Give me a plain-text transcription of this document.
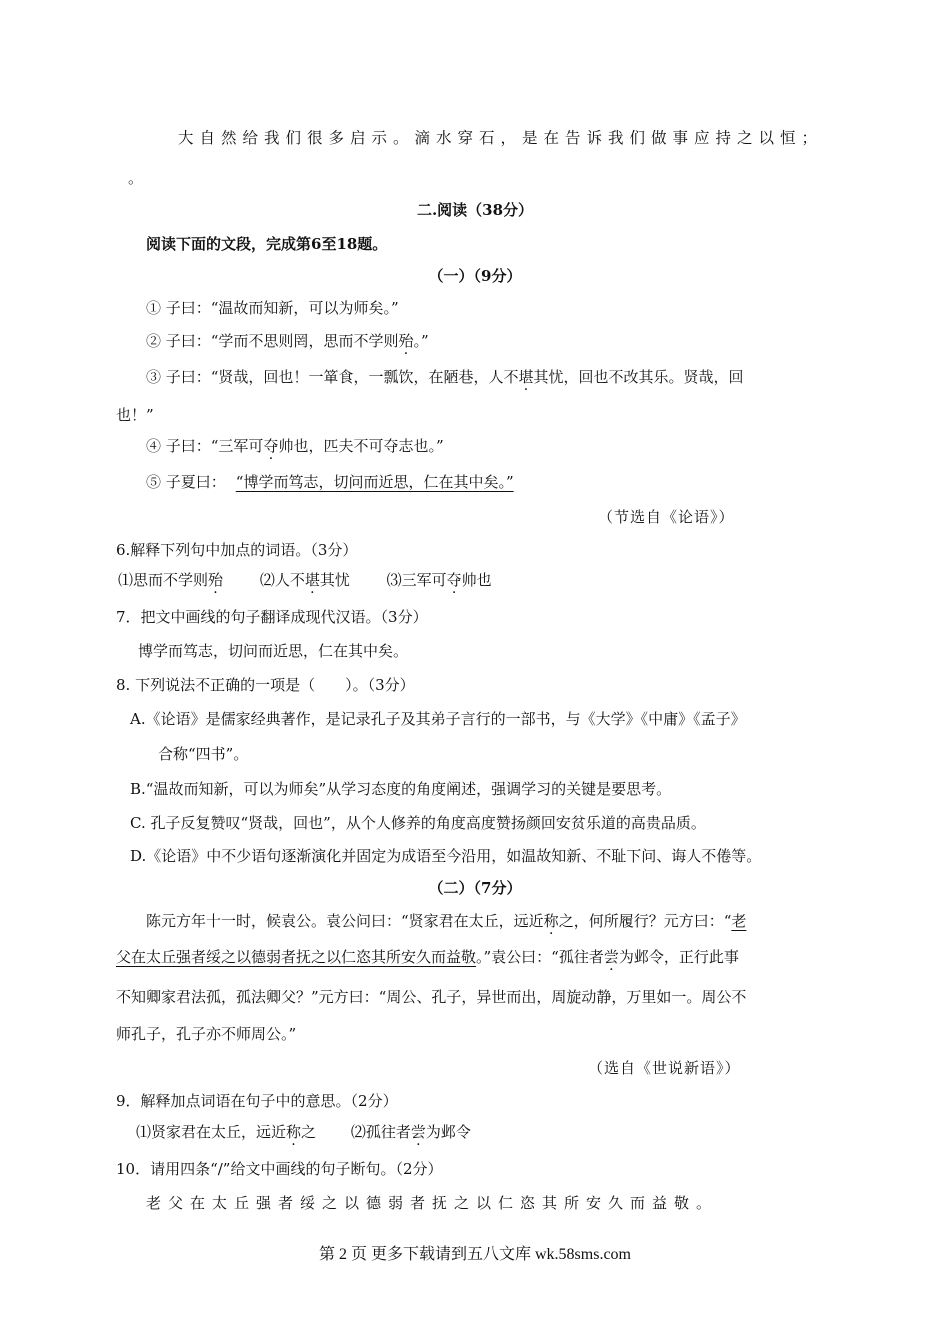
大自然给我们很多启示。滴水穿石，是在告诉我们做事应持之以恒；
。
二.阅读（38分）
阅读下面的文段，完成第6至18题。
（一）（9分）
① 子曰：“温故而知新，可以为师矣。”
② 子曰：“学而不思则罔，思而不学则殆。”
③ 子曰：“贤哉，回也！一箪食，一瓢饮，在陋巷，人不堪其忧，回也不改其乐。贤哉，回
也！”
④ 子曰：“三军可夺帅也，匹夫不可夺志也。”
⑤ 子夏曰： “博学而笃志，切问而近思，仁在其中矣。”
（节选自《论语》）
6.解释下列句中加点的词语。（3分）
⑴思而不学则殆 ⑵人不堪其忧 ⑶三军可夺帅也
7．把文中画线的句子翻译成现代汉语。（3分）
博学而笃志，切问而近思，仁在其中矣。
8. 下列说法不正确的一项是（　　）。（3分）
A.《论语》是儒家经典著作，是记录孔子及其弟子言行的一部书，与《大学》《中庸》《孟子》
合称“四书”。
B.“温故而知新，可以为师矣”从学习态度的角度阐述，强调学习的关键是要思考。
C. 孔子反复赞叹“贤哉，回也”，从个人修养的角度高度赞扬颜回安贫乐道的高贵品质。
D.《论语》中不少语句逐渐演化并固定为成语至今沿用，如温故知新、不耻下问、诲人不倦等。
（二）（7分）
陈元方年十一时，候袁公。袁公问曰：“贤家君在太丘，远近称之，何所履行？元方曰：“老
父在太丘强者绥之以德弱者抚之以仁恣其所安久而益敬。”袁公曰：“孤往者尝为邺令，正行此事
不知卿家君法孤，孤法卿父？”元方曰：“周公、孔子，异世而出，周旋动静，万里如一。周公不
师孔子，孔子亦不师周公。”
（选自《世说新语》）
9．解释加点词语在句子中的意思。（2分）
⑴贤家君在太丘，远近称之 ⑵孤往者尝为邺令
10．请用四条“/”给文中画线的句子断句。（2分）
老父在太丘强者绥之以德弱者抚之以仁恣其所安久而益敬。
第 2 页 更多下载请到五八文库 wk.58sms.com
